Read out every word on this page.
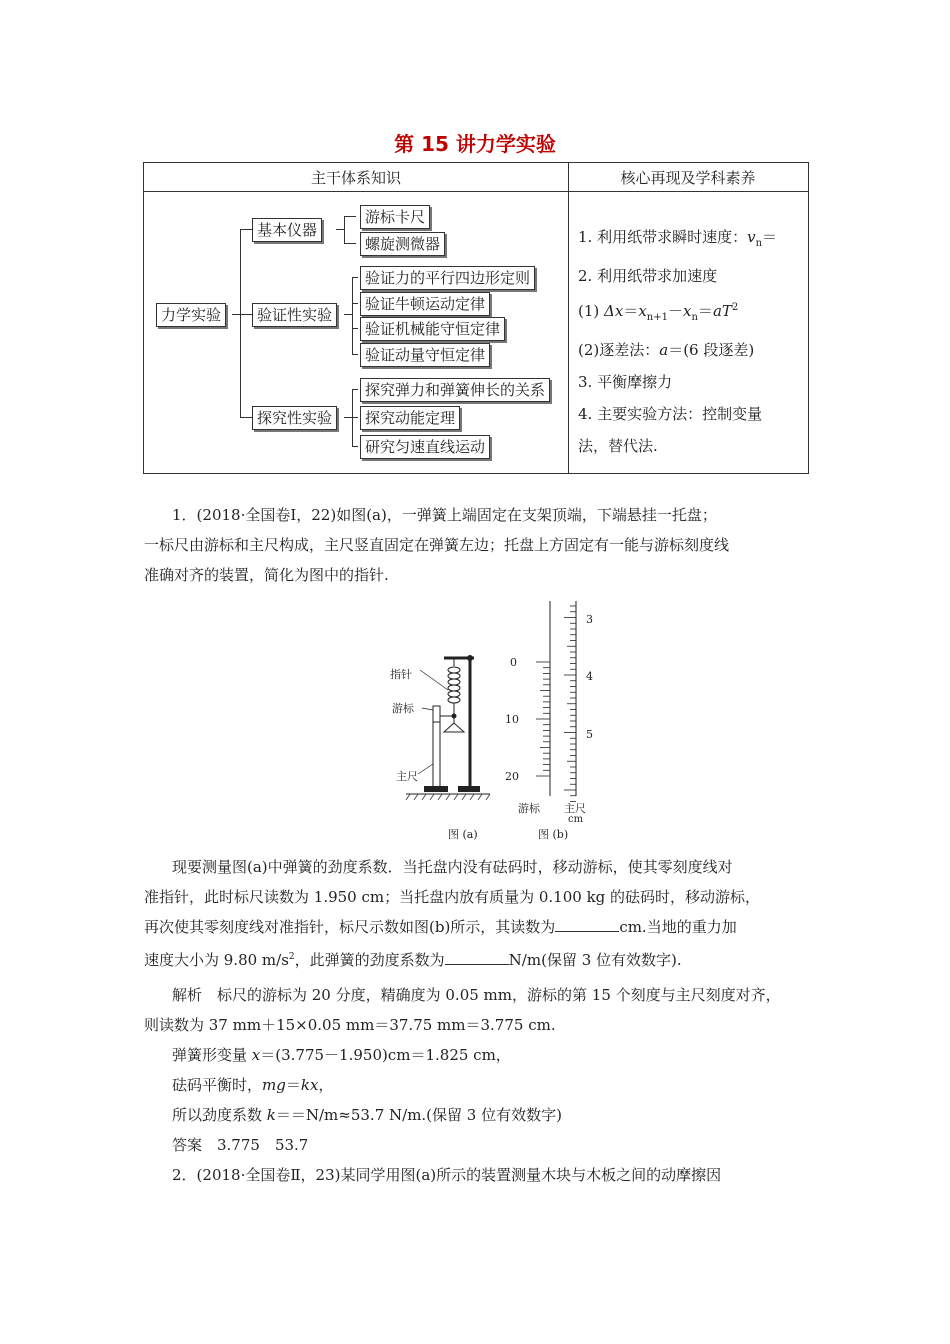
第 15 讲力学实验
主干体系知识	核心再现及学科素养
力学实验
基本仪器
验证性实验
探究性实验
游标卡尺
螺旋测微器
验证力的平行四边形定则
验证牛顿运动定律
验证机械能守恒定律
验证动量守恒定律
探究弹力和弹簧伸长的关系
探究动能定理
研究匀速直线运动
1. 利用纸带求瞬时速度：$v_n=$
2. 利用纸带求加速度
(1) $\Delta x=x_{n+1}-x_n=aT^2$
(2)逐差法：a＝(6 段逐差)
3. 平衡摩擦力
4. 主要实验方法：控制变量
法，替代法.
1．(2018·全国卷Ⅰ，22)如图(a)，一弹簧上端固定在支架顶端，下端悬挂一托盘；
一标尺由游标和主尺构成，主尺竖直固定在弹簧左边；托盘上方固定有一能与游标刻度线
准确对齐的装置，简化为图中的指针.
指针
游标
主尺
图 (a)	图 (b)
游标 主尺
cm
3
4
5
0
10
20
现要测量图(a)中弹簧的劲度系数．当托盘内没有砝码时，移动游标，使其零刻度线对
准指针，此时标尺读数为 1.950 cm；当托盘内放有质量为 0.100 kg 的砝码时，移动游标，
再次使其零刻度线对准指针，标尺示数如图(b)所示，其读数为	cm.当地的重力加
速度大小为 9.80 $m/s^2$，此弹簧的劲度系数为	N/m(保留 3 位有效数字).
解析　标尺的游标为 20 分度，精确度为 0.05 mm，游标的第 15 个刻度与主尺刻度对齐，
则读数为 37 mm＋15×0.05 mm＝37.75 mm＝3.775 cm.
弹簧形变量 x＝(3.775－1.950)cm＝1.825 cm，
砝码平衡时，mg＝kx，
所以劲度系数 k＝＝N/m≈53.7 N/m.(保留 3 位有效数字)
答案　3.775　53.7
2．(2018·全国卷Ⅱ，23)某同学用图(a)所示的装置测量木块与木板之间的动摩擦因
